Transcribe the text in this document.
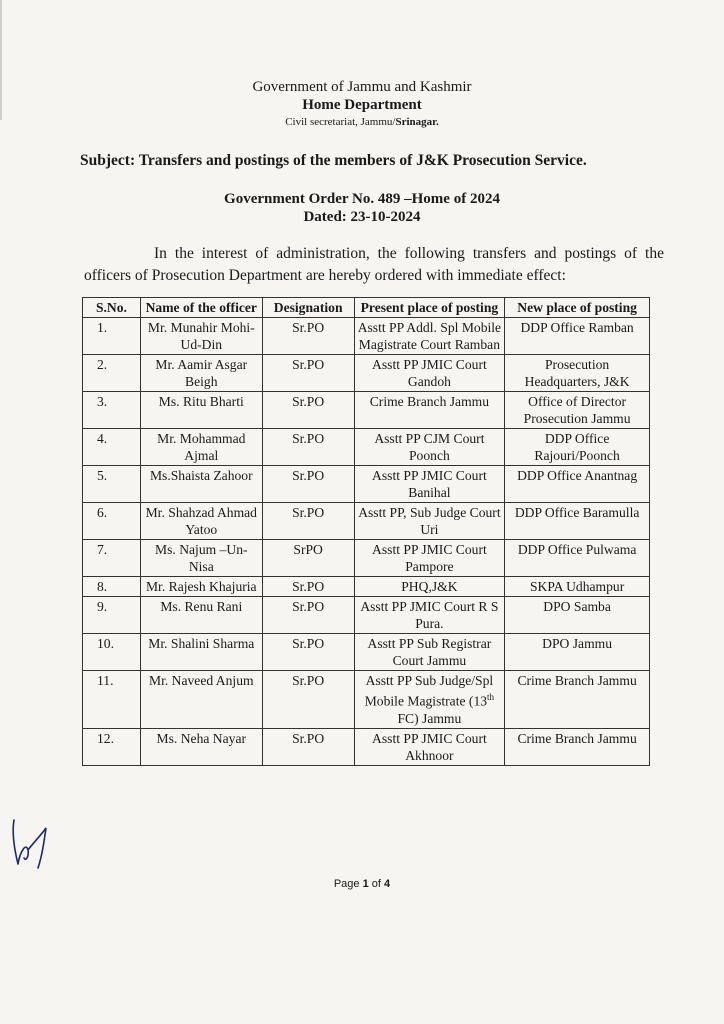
Government of Jammu and Kashmir
Home Department
Civil secretariat, Jammu/Srinagar.
Subject: Transfers and postings of the members of J&K Prosecution Service.
Government Order No. 489 –Home of 2024
Dated: 23-10-2024
In the interest of administration, the following transfers and postings of the officers of Prosecution Department are hereby ordered with immediate effect:
S.No.	Name of the officer	Designation	Present place of posting	New place of posting
1.	Mr. Munahir Mohi-Ud-Din	Sr.PO	Asstt PP Addl. Spl Mobile Magistrate Court Ramban	DDP Office Ramban
2.	Mr. Aamir Asgar Beigh	Sr.PO	Asstt PP JMIC Court Gandoh	Prosecution Headquarters, J&K
3.	Ms. Ritu Bharti	Sr.PO	Crime Branch Jammu	Office of Director Prosecution Jammu
4.	Mr. Mohammad Ajmal	Sr.PO	Asstt PP CJM Court Poonch	DDP Office Rajouri/Poonch
5.	Ms.Shaista Zahoor	Sr.PO	Asstt PP JMIC Court Banihal	DDP Office Anantnag
6.	Mr. Shahzad Ahmad Yatoo	Sr.PO	Asstt PP, Sub Judge Court Uri	DDP Office Baramulla
7.	Ms. Najum –Un-Nisa	SrPO	Asstt PP JMIC Court Pampore	DDP Office Pulwama
8.	Mr. Rajesh Khajuria	Sr.PO	PHQ,J&K	SKPA Udhampur
9.	Ms. Renu Rani	Sr.PO	Asstt PP JMIC Court R S Pura.	DPO Samba
10.	Mr. Shalini Sharma	Sr.PO	Asstt PP Sub Registrar Court Jammu	DPO Jammu
11.	Mr. Naveed Anjum	Sr.PO	Asstt PP Sub Judge/Spl Mobile Magistrate (13th FC) Jammu	Crime Branch Jammu
12.	Ms. Neha Nayar	Sr.PO	Asstt PP JMIC Court Akhnoor	Crime Branch Jammu
Page 1 of 4
